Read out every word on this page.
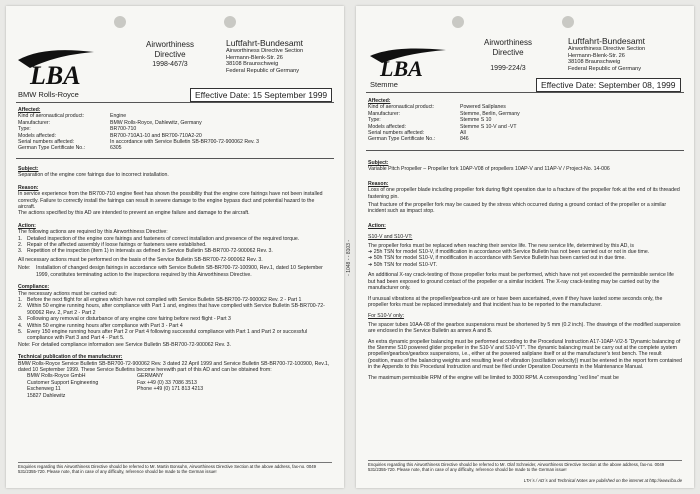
LBA
Airworthiness
Directive
1998-467/3
Luftfahrt-Bundesamt
Airworthiness Directive Section
Hermann-Blenk-Str. 26
38108 Braunschweig
Federal Republic of Germany
BMW Rolls-Royce	Effective Date: 15 September 1999
Affected:
Kind of aeronautical product:	Engine
Manufacturer:	BMW Rolls-Royce, Dahlewitz, Germany
Type:	BR700-710
Models affected:	BR700-710A1-10 and BR700-710A2-20
Serial numbers affected:	In accordance with Service Bulletin SB-BR700-72-900062 Rev. 3
German Type Certificate No.:	6305
Subject:
Separation of the engine core fairings due to incorrect installation.
Reason:
In service experience from the BR700-710 engine fleet has shown the possibility that the engine core fairings have not been installed correctly. Failure to correctly install the fairings can result in severe damage to the engine bypass duct and potential hazard to the aircraft.
The actions specified by this AD are intended to prevent an engine failure and damage to the aircraft.
Action:
The following actions are required by this Airworthiness Directive:
1. Detailed inspection of the engine core fairings and fasteners of correct installation and presence of the required torque.
2. Repair of the affected assembly if loose fairings or fasteners were established.
3. Repetition of the inspection (item 1) in intervals as defined in Service Bulletin SB-BR700-72-900062 Rev. 3.

All necessary actions must be performed on the basis of the Service Bulletin SB-BR700-72-900062 Rev. 3.

Note:	Installation of changed design fairings in accordance with Service Bulletin SB-BR700-72-100900, Rev.1, dated 10 September 1999, constitutes terminating action to the inspections required by this Airworthiness Directive.
Compliance:
The necessary actions must be carried out:
1. Before the next flight for all engines which have not complied with Service Bulletin SB-BR700-72-900062 Rev. 2 - Part 1
2. Within 50 engine running hours, after compliance with Part 1 and, engines that have complied with Service Bulletin SB-BR700-72-900062 Rev. 2, Part 2 - Part 2
3. Following any removal or disturbance of any engine core fairing before next flight - Part 3
4. Within 50 engine running hours after compliance with Part 3 - Part 4
5. Every 150 engine running hours after Part 2 or Part 4 following successful compliance with Part 1 and Part 2 or successful compliance with Part 3 and Part 4 - Part 5.
Note: For detailed compliance information see Service Bulletin SB-BR700-72-900062 Rev. 3.
Technical publication of the manufacturer:
BMW Rolls-Royce Service Bulletin SB-BR700-72-900062 Rev. 3 dated 22 April 1999 and Service Bulletin SB-BR700-72-100900, Rev.1, dated 10 September 1999. These Service Bulletins become herewith part of this AD and can be obtained from:
BMW Rolls-Royce GmbH
Customer Support Engineering
Eschenweg 11
15827 Dahlewitz
GERMANY
Fax +49 (0) 33 7086 3513
Phone +49 (0) 171 813 4213
Enquiries regarding this Airworthiness Directive should be referred to Mr. Martin Bonsuhn, Airworthiness Directive Section at the above address, fax-no. 0049 531/2355-720. Please note, that in case of any difficulty, reference should be made to the German issue!
- 1048 - - 8103 -
LBA
Airworthiness
Directive
1999-224/3
Luftfahrt-Bundesamt
Airworthiness Directive Section
Hermann-Blenk-Str. 26
38108 Braunschweig
Federal Republic of Germany
Stemme	Effective Date: September 08, 1999
Affected:
Kind of aeronautical product:	Powered Sailplanes
Manufacturer:	Stemme, Berlin, Germany
Type:	Stemme S 10
Models affected:	Stemme S 10-V and -VT
Serial numbers affected:	All
German Type Certificate No.:	846
Subject:
Variable Pitch Propeller – Propeller fork 10AP-V08 of propellers 10AP-V and 11AP-V / Project-No. 14-006
Reason:
Loss of one propeller blade including propeller fork during flight operation due to a fracture of the propeller fork at the end of its threaded fastening pin.

That fracture of the propeller fork may be caused by the stress which occurred during a ground contact of the propeller or a similar incident such as impact stop.

Action:
S10-V and S10-VT:

The propeller forks must be replaced when reaching their service life. The new service life, determined by this AD, is

➔ 25h TSN for model S10-V, if modification in accordance with Service Bulletin has not been carried out or not in due time.
➔ 50h TSN for model S10-V, if modification in accordance with Service Bulletin has been carried out in due time.
➔ 50h TSN for model S10-VT.

An additional X-ray crack-testing of those propeller forks must be performed, which have not yet exceeded the permissible service life but had been exposed to ground contact of the propeller or a similar incident. The X-ray crack-testing may be carried out by the manufacturer only.

If unusual vibrations at the propeller/gearbox-unit are or have been ascertained, even if they have lasted some seconds only, the propeller forks must be replaced immediately and that incident has to be reported to the manufacturer.

For S10-V only:

The spacer tubes 10AA-08 of the gearbox suspensions must be shortened by 5 mm (0.2 inch). The drawings of the modified suspension are enclosed in the Service Bulletin as annex A and B.

An extra dynamic propeller balancing must be performed according to the Procedural Instruction A17-10AP-V/2-5 “Dynamic balancing of the Stemme S10 powered glider propeller in the S10-V and S10-VT”. The dynamic balancing must be carry out at the complete system propeller/gearbox/gearbox suspensions, i.e., either at the powered sailplane itself or at the manufacturer's test bench. The result (position, mass of the balancing weights and resulting level of vibration (oscillation velocity)) must be entered in the report form contained in the Appendix to this Procedural Instruction and must be filed under Operation Documents in the Maintenance Manual.

The maximum permissible RPM of the engine will be limited to 3000 RPM. A corresponding “red line” must be

Enquiries regarding this Airworthiness Directive should be referred to Mr. Olaf Schneider, Airworthiness Directive Section at the above address, fax-no. 0049 531/2355-720. Please note, that in case of any difficulty, reference should be made to the German issue!
LTA´s / AD´s and Technical Notes are published on the internet at http://www.lba.de
